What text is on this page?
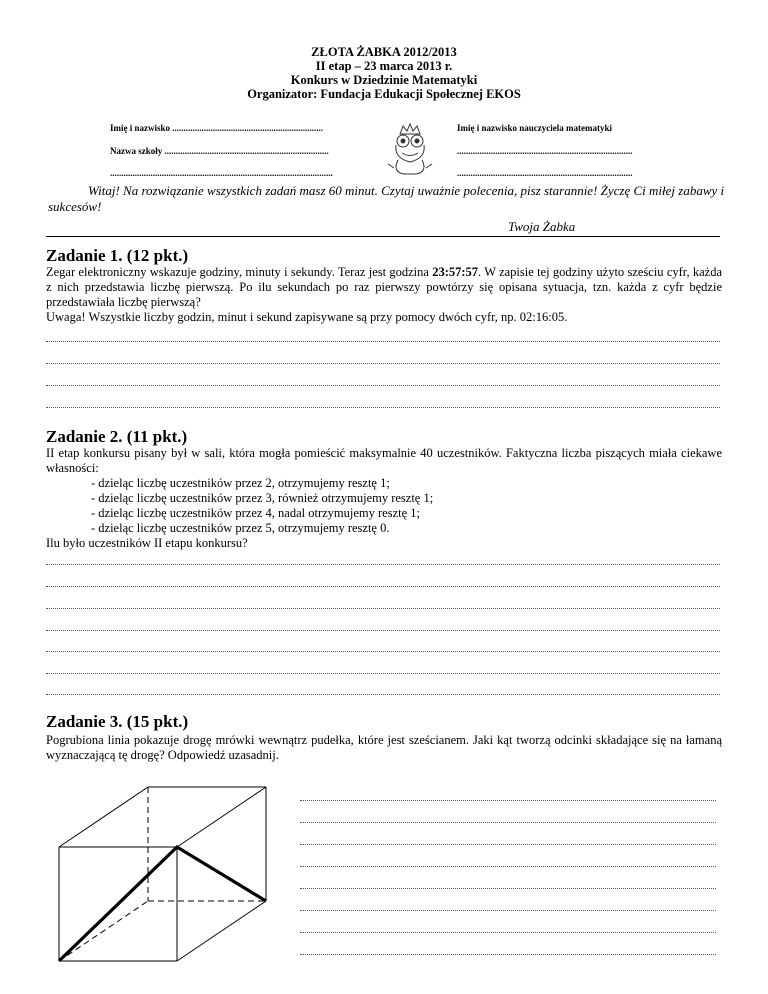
ZŁOTA ŻABKA 2012/2013
II etap – 23 marca 2013 r.
Konkurs w Dziedzinie Matematyki
Organizator: Fundacja Edukacji Społecznej EKOS
Imię i nazwisko ...................................................................
Nazwa szkoły .........................................................................
...................................................................................................
Imię i nazwisko nauczyciela matematyki
..............................................................................
..............................................................................
Witaj! Na rozwiązanie wszystkich zadań masz 60 minut. Czytaj uważnie polecenia, pisz starannie! Życzę Ci miłej zabawy i sukcesów!
Twoja Żabka
Zadanie 1. (12 pkt.)

Zegar elektroniczny wskazuje godziny, minuty i sekundy. Teraz jest godzina 23:57:57. W zapisie tej godziny użyto sześciu cyfr, każda z nich przedstawia liczbę pierwszą. Po ilu sekundach po raz pierwszy powtórzy się opisana sytuacja, tzn. każda z cyfr będzie przedstawiała liczbę pierwszą?

Uwaga! Wszystkie liczby godzin, minut i sekund zapisywane są przy pomocy dwóch cyfr, np. 02:16:05.

Zadanie 2. (11 pkt.)

II etap konkursu pisany był w sali, która mogła pomieścić maksymalnie 40 uczestników. Faktyczna liczba piszących miała ciekawe własności:

- dzieląc liczbę uczestników przez 2, otrzymujemy resztę 1;

- dzieląc liczbę uczestników przez 3, również otrzymujemy resztę 1;

- dzieląc liczbę uczestników przez 4, nadal otrzymujemy resztę 1;

- dzieląc liczbę uczestników przez 5, otrzymujemy resztę 0.

Ilu było uczestników II etapu konkursu?

Zadanie 3. (15 pkt.)
Pogrubiona linia pokazuje drogę mrówki wewnątrz pudełka, które jest sześcianem. Jaki kąt tworzą odcinki składające się na łamaną wyznaczającą tę drogę? Odpowiedź uzasadnij.
